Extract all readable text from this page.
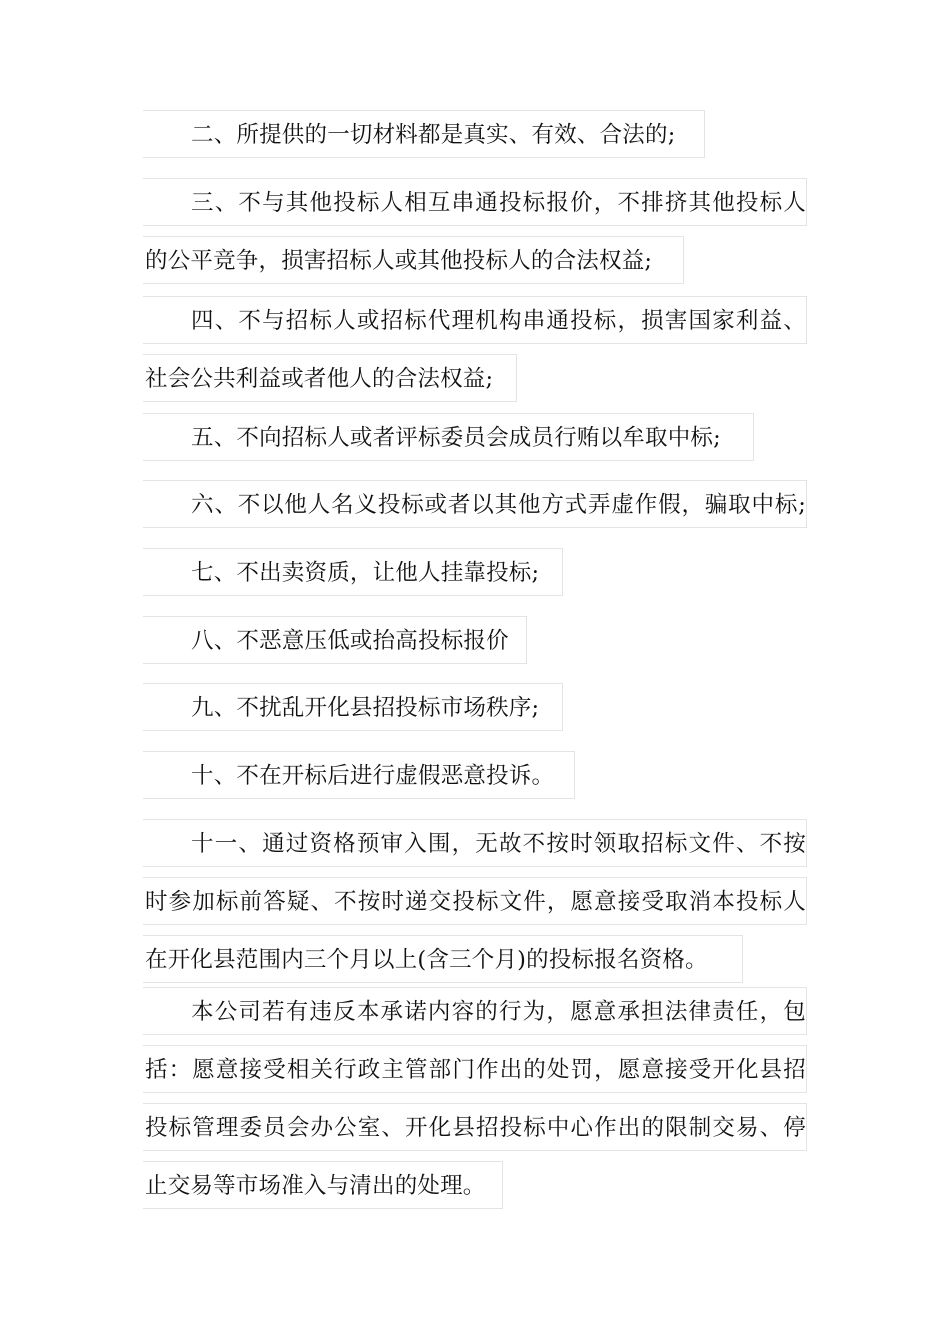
二、所提供的一切材料都是真实、有效、合法的;
三、不与其他投标人相互串通投标报价，不排挤其他投标人
的公平竞争，损害招标人或其他投标人的合法权益;
四、不与招标人或招标代理机构串通投标，损害国家利益、
社会公共利益或者他人的合法权益;
五、不向招标人或者评标委员会成员行贿以牟取中标;
六、不以他人名义投标或者以其他方式弄虚作假，骗取中标;
七、不出卖资质，让他人挂靠投标;
八、不恶意压低或抬高投标报价
九、不扰乱开化县招投标市场秩序;
十、不在开标后进行虚假恶意投诉。
十一、通过资格预审入围，无故不按时领取招标文件、不按
时参加标前答疑、不按时递交投标文件，愿意接受取消本投标人
在开化县范围内三个月以上(含三个月)的投标报名资格。
本公司若有违反本承诺内容的行为，愿意承担法律责任，包
括：愿意接受相关行政主管部门作出的处罚，愿意接受开化县招
投标管理委员会办公室、开化县招投标中心作出的限制交易、停
止交易等市场准入与清出的处理。
